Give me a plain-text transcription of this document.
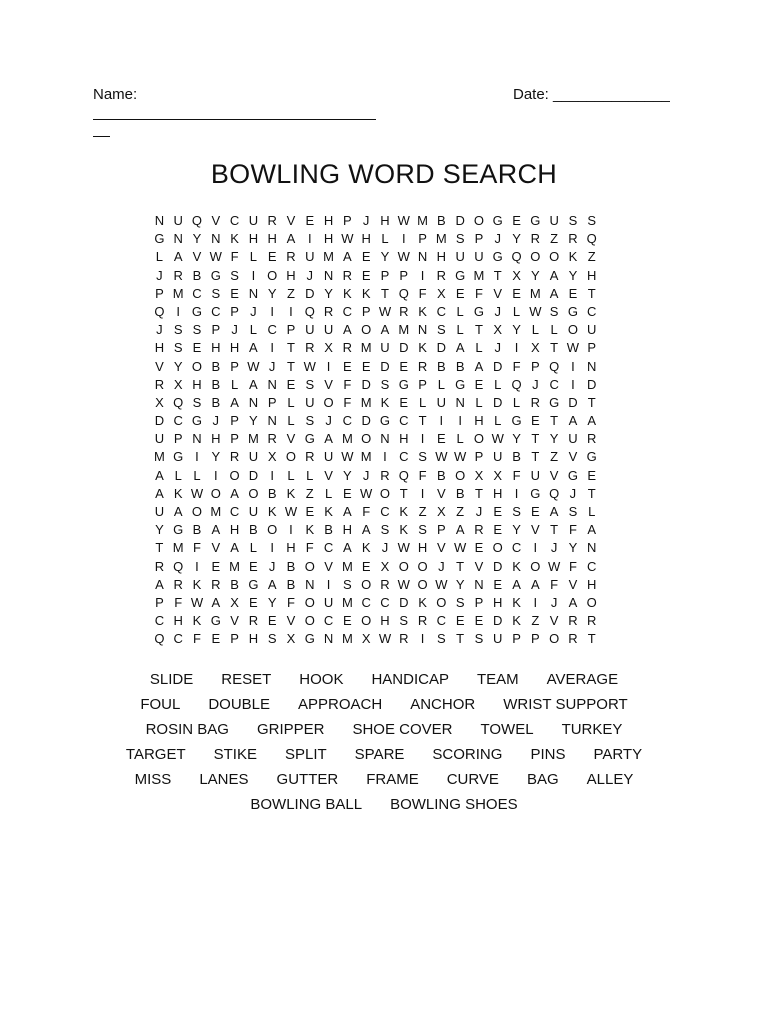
Name:	Date: ______________
BOWLING WORD SEARCH
N U Q V C U R V E H P J H W M B D O G E G U S S
G N Y N K H H A I H W H L	I P M S P J Y R Z R Q
L A V W F L E R U M A E Y W N H U U G Q O O K Z
J R B G S I O H J N R E P P I R G M T X Y A Y H
P M C S E N Y Z D Y K K T Q F X E F V E M A E T
Q I G C P J	I	I Q R C P W R K C L G J L W S G C
J S S P J L C P U U A O A M N S L T X Y L L O U
H S E H H A I	T R X R M U D K D A L J	I X T W P
V Y O B P W J T W I E E D E R B B A D F P Q I N
R X H B L A N E S V F D S G P L G E L Q J C I D
X Q S B A N P L U O F M K E L U N L D L R G D T
D C G J P Y N L S J C D G C T	I	I H L G E T A A
U P N H P M R V G A M O N H I E L O W Y T Y U R
M G I Y R U X O R U W M I C S W W P U B T Z V G
A L L	I O D I	L L V Y J R Q F B O X X F U V G E
A K W O A O B K Z L E W O T	I V B T H I G Q J T
U A O M C U K W E K A F C K Z X Z J E S E A S L
Y G B A H B O I K B H A S K S P A R E Y V T F A
T M F V A L	I H F C A K J W H V W E O C I	J Y N
R Q I E M E J B O V M E X O O J T V D K O W F C
A R K R B G A B N I S O R W O W Y N E A A F V H
P F W A X E Y F O U M C C D K O S P H K I	J A O
C H K G V R E V O C E O H S R C E E D K Z V R R
Q C F E P H S X G N M X W R I S T S U P P O R T
SLIDE RESET HOOK HANDICAP TEAM AVERAGE
FOUL DOUBLE APPROACH ANCHOR WRIST SUPPORT
ROSIN BAG GRIPPER SHOE COVER TOWEL TURKEY
TARGET STIKE SPLIT SPARE SCORING PINS PARTY
MISS LANES GUTTER FRAME CURVE BAG ALLEY
BOWLING BALL BOWLING SHOES
